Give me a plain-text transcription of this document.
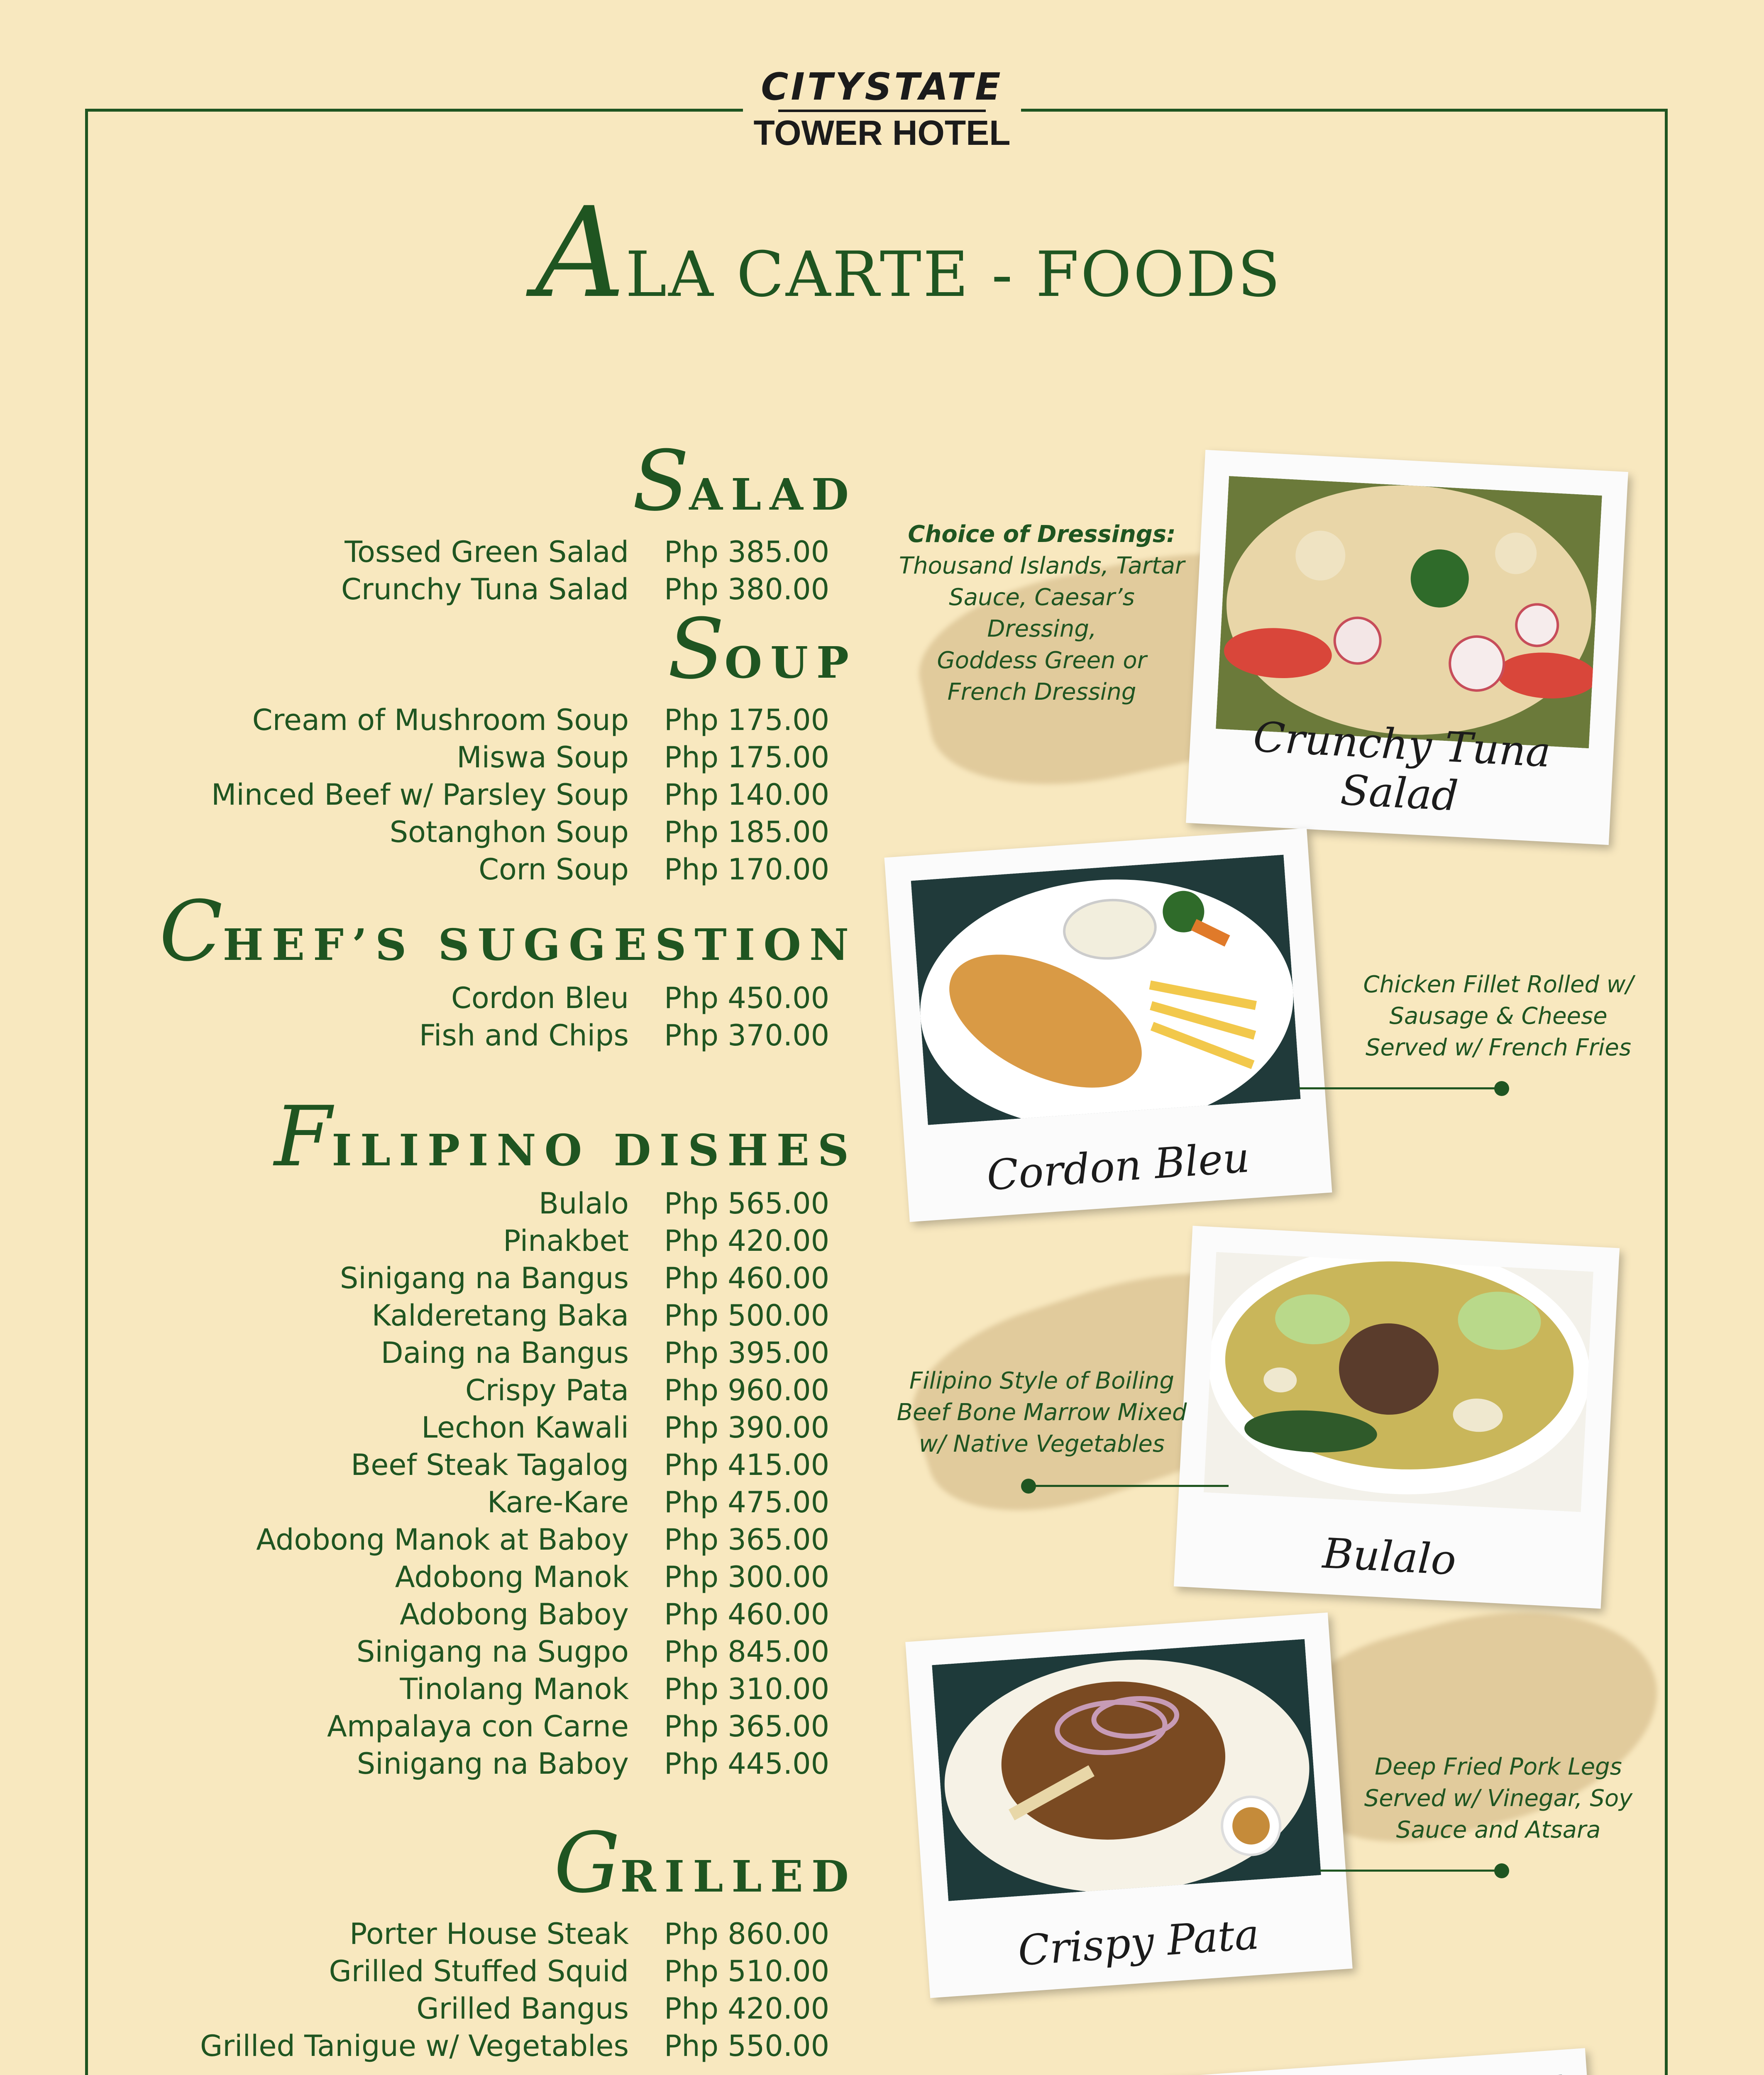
CITYSTATE
TOWER HOTEL
ALA CARTE - FOODS
SALAD
Tossed Green Salad	Php 385.00
Crunchy Tuna Salad	Php 380.00
SOUP
Cream of Mushroom Soup	Php 175.00
Miswa Soup	Php 175.00
Minced Beef w/ Parsley Soup	Php 140.00
Sotanghon Soup	Php 185.00
Corn Soup	Php 170.00
CHEF’S SUGGESTION
Cordon Bleu	Php 450.00
Fish and Chips	Php 370.00
FILIPINO DISHES
Bulalo	Php 565.00
Pinakbet	Php 420.00
Sinigang na Bangus	Php 460.00
Kalderetang Baka	Php 500.00
Daing na Bangus	Php 395.00
Crispy Pata	Php 960.00
Lechon Kawali	Php 390.00
Beef Steak Tagalog	Php 415.00
Kare-Kare	Php 475.00
Adobong Manok at Baboy	Php 365.00
Adobong Manok	Php 300.00
Adobong Baboy	Php 460.00
Sinigang na Sugpo	Php 845.00
Tinolang Manok	Php 310.00
Ampalaya con Carne	Php 365.00
Sinigang na Baboy	Php 445.00
GRILLED
Porter House Steak	Php 860.00
Grilled Stuffed Squid	Php 510.00
Grilled Bangus	Php 420.00
Grilled Tanigue w/ Vegetables	Php 550.00
Crunchy Tuna Salad
Cordon Bleu
Bulalo
Crispy Pata
Choice of Dressings:
Thousand Islands, Tartar
Sauce, Caesar’s Dressing,
Goddess Green or
French Dressing
Chicken Fillet Rolled w/
Sausage & Cheese
Served w/ French Fries
Filipino Style of Boiling
Beef Bone Marrow Mixed
w/ Native Vegetables
Deep Fried Pork Legs
Served w/ Vinegar, Soy
Sauce and Atsara
